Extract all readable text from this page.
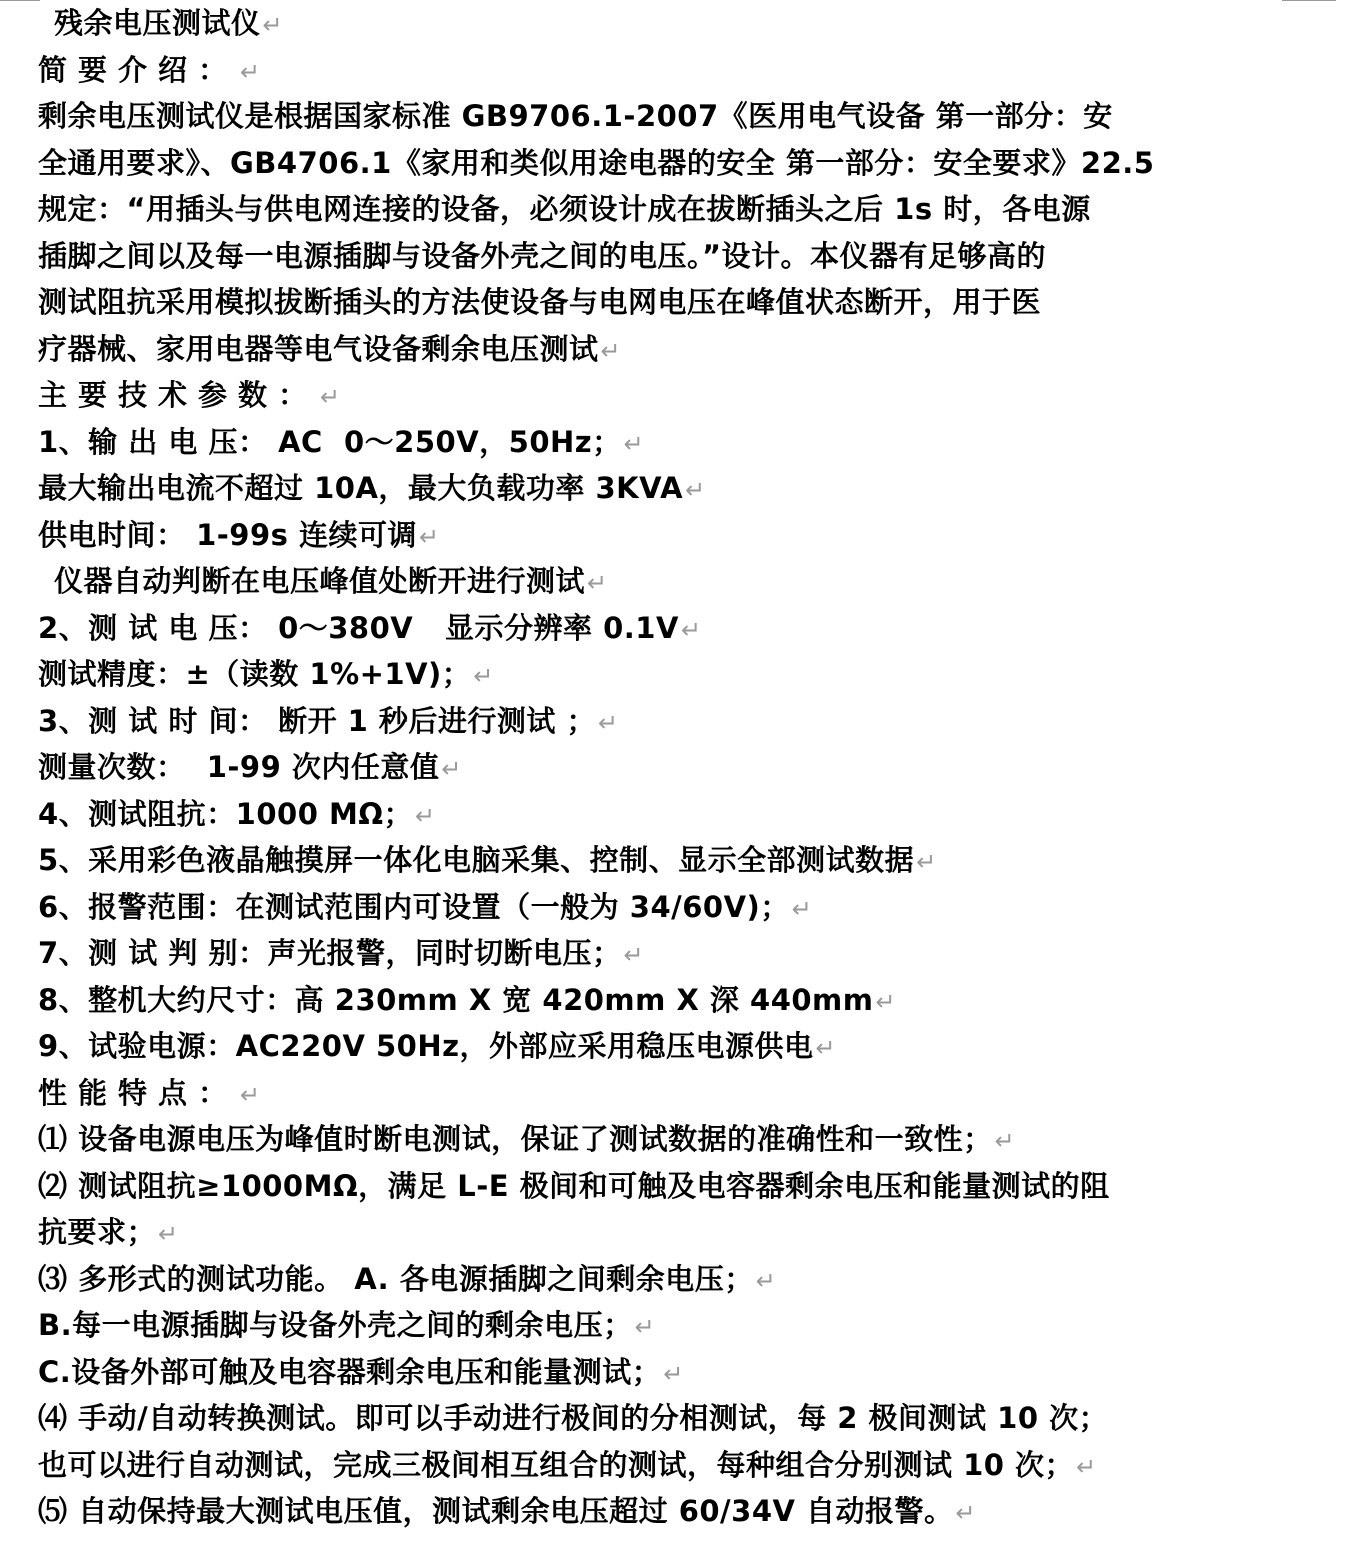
残余电压测试仪↵
简要介绍：↵
剩余电压测试仪是根据国家标准 GB9706.1-2007《医用电气设备 第一部分：安
全通用要求》、GB4706.1《家用和类似用途电器的安全 第一部分：安全要求》22.5
规定：“用插头与供电网连接的设备，必须设计成在拔断插头之后 1s 时，各电源
插脚之间以及每一电源插脚与设备外壳之间的电压。”设计。本仪器有足够高的
测试阻抗采用模拟拔断插头的方法使设备与电网电压在峰值状态断开，用于医
疗器械、家用电器等电气设备剩余电压测试↵
主要技术参数：↵
1、输 出 电 压： AC  0～250V，50Hz；↵
最大输出电流不超过 10A，最大负载功率 3KVA↵
供电时间： 1-99s 连续可调↵
仪器自动判断在电压峰值处断开进行测试↵
2、测 试 电 压： 0～380V   显示分辨率 0.1V↵
测试精度：±（读数 1%+1V)；↵
3、测 试 时 间： 断开 1 秒后进行测试 ；↵
测量次数：  1-99 次内任意值↵
4、测试阻抗：1000 MΩ；↵
5、采用彩色液晶触摸屏一体化电脑采集、控制、显示全部测试数据↵
6、报警范围：在测试范围内可设置（一般为 34/60V)；↵
7、测 试 判 别：声光报警，同时切断电压；↵
8、整机大约尺寸：高 230mm X 宽 420mm X 深 440mm↵
9、试验电源：AC220V 50Hz，外部应采用稳压电源供电↵
性能特点：↵
⑴ 设备电源电压为峰值时断电测试，保证了测试数据的准确性和一致性；↵
⑵ 测试阻抗≥1000MΩ，满足 L-E 极间和可触及电容器剩余电压和能量测试的阻
抗要求；↵
⑶ 多形式的测试功能。 A. 各电源插脚之间剩余电压；↵
B.每一电源插脚与设备外壳之间的剩余电压；↵
C.设备外部可触及电容器剩余电压和能量测试；↵
⑷ 手动/自动转换测试。即可以手动进行极间的分相测试，每 2 极间测试 10 次；
也可以进行自动测试，完成三极间相互组合的测试，每种组合分别测试 10 次；↵
⑸ 自动保持最大测试电压值，测试剩余电压超过 60/34V 自动报警。↵
